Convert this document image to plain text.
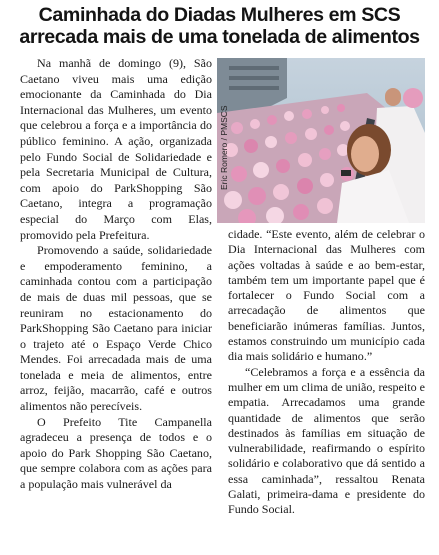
Caminhada do Diadas Mulheres em SCS
arrecada mais de uma tonelada de alimentos

Na manhã de domingo (9), São Caetano viveu mais uma edição emocionante da Caminhada do Dia Internacional das Mulheres, um evento que celebrou a força e a importância do público feminino. A ação, organizada pelo Fundo Social de Solidariedade e pela Secretaria Municipal de Cultura, com apoio do ParkShopping São Caetano, integra a programação especial do Março com Elas, promovido pela Prefeitura.

Promovendo a saúde, solidariedade e empoderamento feminino, a caminhada contou com a participação de mais de duas mil pessoas, que se reuniram no estacionamento do ParkShopping São Caetano para iniciar o trajeto até o Espaço Verde Chico Mendes. Foi arrecadada mais de uma tonelada e meia de alimentos, entre arroz, feijão, macarrão, café e outros alimentos não perecíveis.

O Prefeito Tite Campanella agradeceu a presença de todos e o apoio do Park Shopping São Caetano, que sempre colabora com as ações para a população mais vulnerável da

Eric Romero / PMSCS

cidade. “Este evento, além de celebrar o Dia Internacional das Mulheres com ações voltadas à saúde e ao bem-estar, também tem um importante papel que é fortalecer o Fundo Social com a arrecadação de alimentos que beneficiarão inúmeras famílias. Juntos, estamos construindo um município cada dia mais solidário e humano.”

“Celebramos a força e a essência da mulher em um clima de união, respeito e empatia. Arrecadamos uma grande quantidade de alimentos que serão destinados às famílias em situação de vulnerabilidade, reafirmando o espírito solidário e colaborativo que dá sentido a essa caminhada”, ressaltou Renata Galati, primeira-dama e presidente do Fundo Social.
